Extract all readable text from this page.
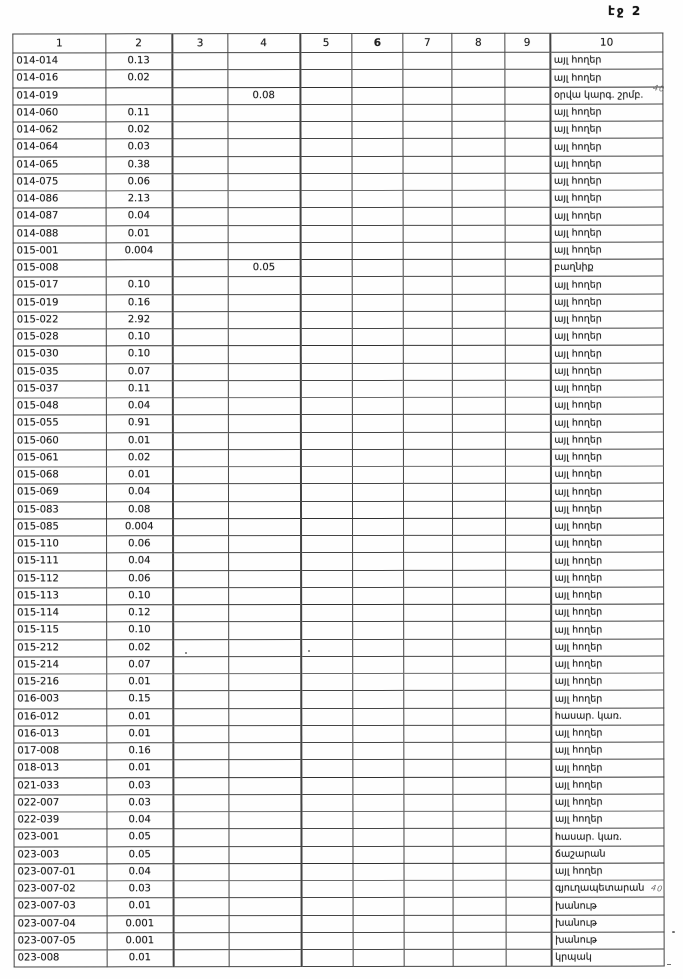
էջ 2
1	2	3	4	5	6	7	8	9	10
014-014	0.13								այլ հողեր
014-016	0.02								այլ հողեր
014-019			0.08						օրվա կարգ. շրմբ.
014-060	0.11								այլ հողեր
014-062	0.02								այլ հողեր
014-064	0.03								այլ հողեր
014-065	0.38								այլ հողեր
014-075	0.06								այլ հողեր
014-086	2.13								այլ հողեր
014-087	0.04								այլ հողեր
014-088	0.01								այլ հողեր
015-001	0.004								այլ հողեր
015-008			0.05						բաղնիք
015-017	0.10								այլ հողեր
015-019	0.16								այլ հողեր
015-022	2.92								այլ հողեր
015-028	0.10								այլ հողեր
015-030	0.10								այլ հողեր
015-035	0.07								այլ հողեր
015-037	0.11								այլ հողեր
015-048	0.04								այլ հողեր
015-055	0.91								այլ հողեր
015-060	0.01								այլ հողեր
015-061	0.02								այլ հողեր
015-068	0.01								այլ հողեր
015-069	0.04								այլ հողեր
015-083	0.08								այլ հողեր
015-085	0.004								այլ հողեր
015-110	0.06								այլ հողեր
015-111	0.04								այլ հողեր
015-112	0.06								այլ հողեր
015-113	0.10								այլ հողեր
015-114	0.12								այլ հողեր
015-115	0.10								այլ հողեր
015-212	0.02								այլ հողեր
015-214	0.07								այլ հողեր
015-216	0.01								այլ հողեր
016-003	0.15								այլ հողեր
016-012	0.01								հասար. կառ.
016-013	0.01								այլ հողեր
017-008	0.16								այլ հողեր
018-013	0.01								այլ հողեր
021-033	0.03								այլ հողեր
022-007	0.03								այլ հողեր
022-039	0.04								այլ հողեր
023-001	0.05								հասար. կառ.
023-003	0.05								ճաշարան
023-007-01	0.04								այլ հողեր
023-007-02	0.03								գյուղապետարան
023-007-03	0.01								խանութ
023-007-04	0.001								խանութ
023-007-05	0.001								խանութ
023-008	0.01								կրպակ
40
40
